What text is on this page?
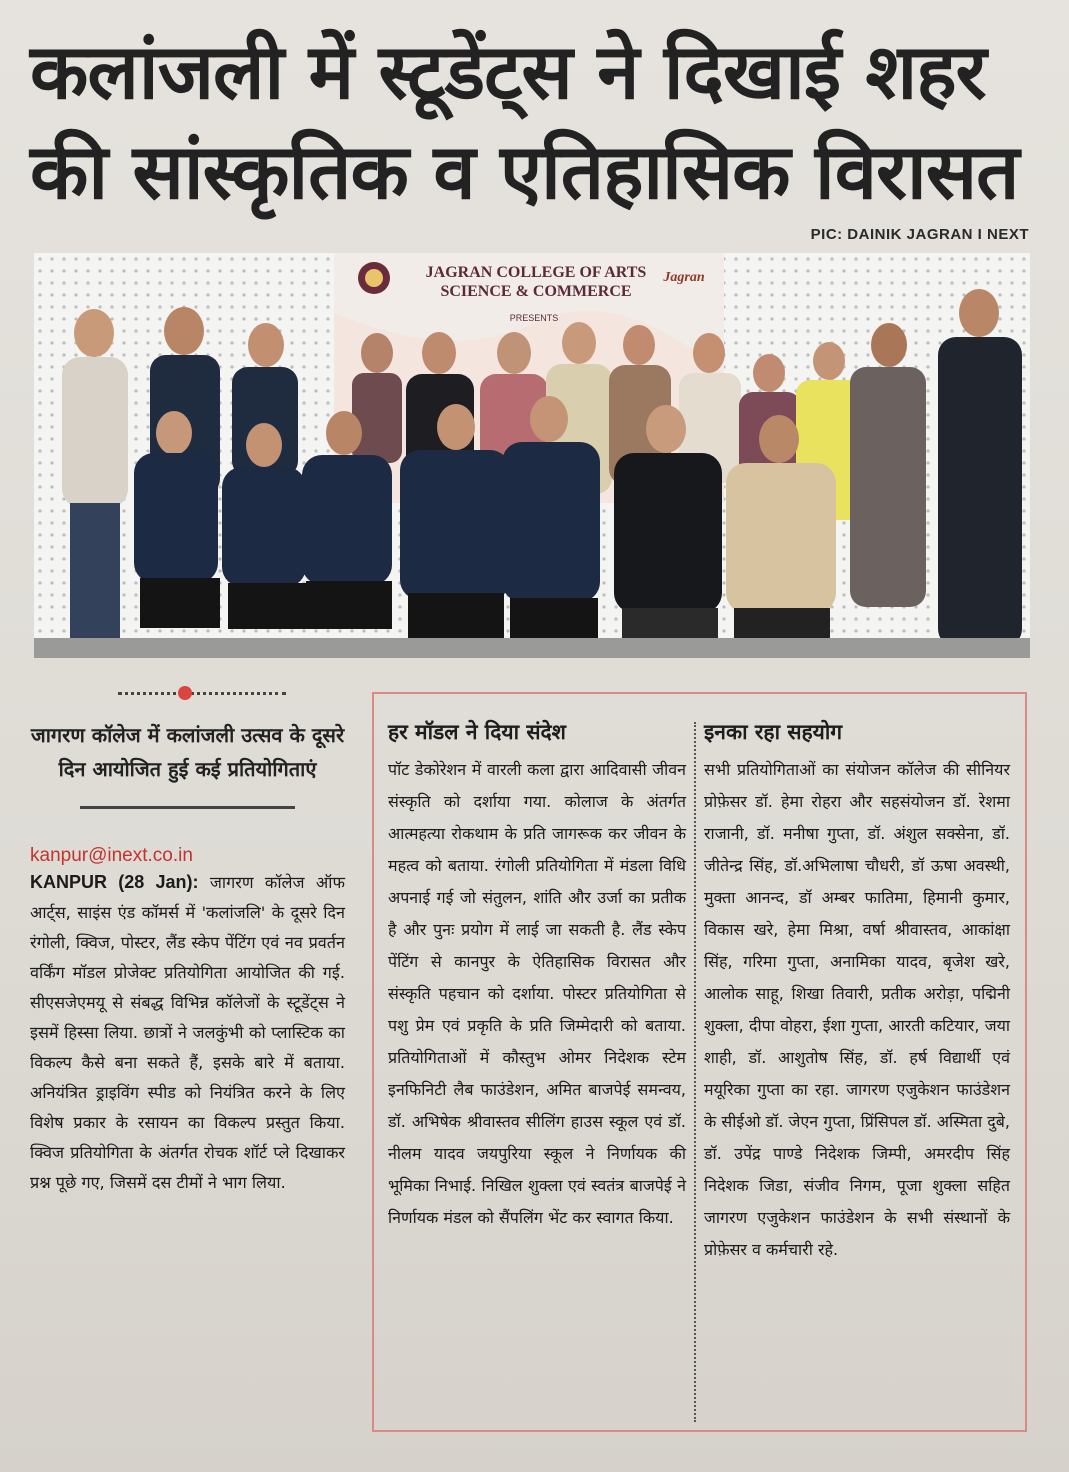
कलांजली में स्टूडेंट्स ने दिखाई शहर की सांस्कृतिक व एतिहासिक विरासत
PIC: DAINIK JAGRAN I NEXT
JAGRAN COLLEGE OF ARTS
SCIENCE & COMMERCE
PRESENTS
Jagran
जागरण कॉलेज में कलांजली उत्सव के दूसरे दिन आयोजित हुई कई प्रतियोगिताएं
kanpur@inext.co.in

KANPUR (28 Jan): जागरण कॉलेज ऑफ आर्ट्स, साइंस एंड कॉमर्स में 'कलांजलि' के दूसरे दिन रंगोली, क्विज, पोस्टर, लैंड स्केप पेंटिंग एवं नव प्रवर्तन वर्किंग मॉडल प्रोजेक्ट प्रतियोगिता आयोजित की गई. सीएसजेएमयू से संबद्ध विभिन्न कॉलेजों के स्टूडेंट्स ने इसमें हिस्सा लिया. छात्रों ने जलकुंभी को प्लास्टिक का विकल्प कैसे बना सकते हैं, इसके बारे में बताया. अनियंत्रित ड्राइविंग स्पीड को नियंत्रित करने के लिए विशेष प्रकार के रसायन का विकल्प प्रस्तुत किया. क्विज प्रतियोगिता के अंतर्गत रोचक शॉर्ट प्ले दिखाकर प्रश्न पूछे गए, जिसमें दस टीमों ने भाग लिया.

हर मॉडल ने दिया संदेश

पॉट डेकोरेशन में वारली कला द्वारा आदिवासी जीवन संस्कृति को दर्शाया गया. कोलाज के अंतर्गत आत्महत्या रोकथाम के प्रति जागरूक कर जीवन के महत्व को बताया. रंगोली प्रतियोगिता में मंडला विधि अपनाई गई जो संतुलन, शांति और उर्जा का प्रतीक है और पुनः प्रयोग में लाई जा सकती है. लैंड स्केप पेंटिंग से कानपुर के ऐतिहासिक विरासत और संस्कृति पहचान को दर्शाया. पोस्टर प्रतियोगिता से पशु प्रेम एवं प्रकृति के प्रति जिम्मेदारी को बताया. प्रतियोगिताओं में कौस्तुभ ओमर निदेशक स्टेम इनफिनिटी लैब फाउंडेशन, अमित बाजपेई समन्वय, डॉ. अभिषेक श्रीवास्तव सीलिंग हाउस स्कूल एवं डॉ. नीलम यादव जयपुरिया स्कूल ने निर्णायक की भूमिका निभाई. निखिल शुक्ला एवं स्वतंत्र बाजपेई ने निर्णायक मंडल को सैंपलिंग भेंट कर स्वागत किया.

इनका रहा सहयोग

सभी प्रतियोगिताओं का संयोजन कॉलेज की सीनियर प्रोफ़ेसर डॉ. हेमा रोहरा और सहसंयोजन डॉ. रेशमा राजानी, डॉ. मनीषा गुप्ता, डॉ. अंशुल सक्सेना, डॉ. जीतेन्द्र सिंह, डॉ.अभिलाषा चौधरी, डॉ ऊषा अवस्थी, मुक्ता आनन्द, डॉ अम्बर फातिमा, हिमानी कुमार, विकास खरे, हेमा मिश्रा, वर्षा श्रीवास्तव, आकांक्षा सिंह, गरिमा गुप्ता, अनामिका यादव, बृजेश खरे, आलोक साहू, शिखा तिवारी, प्रतीक अरोड़ा, पद्मिनी शुक्ला, दीपा वोहरा, ईशा गुप्ता, आरती कटियार, जया शाही, डॉ. आशुतोष सिंह, डॉ. हर्ष विद्यार्थी एवं मयूरिका गुप्ता का रहा. जागरण एजुकेशन फाउंडेशन के सीईओ डॉ. जेएन गुप्ता, प्रिंसिपल डॉ. अस्मिता दुबे, डॉ. उपेंद्र पाण्डे निदेशक जिम्पी, अमरदीप सिंह निदेशक जिडा, संजीव निगम, पूजा शुक्ला सहित जागरण एजुकेशन फाउंडेशन के सभी संस्थानों के प्रोफ़ेसर व कर्मचारी रहे.
